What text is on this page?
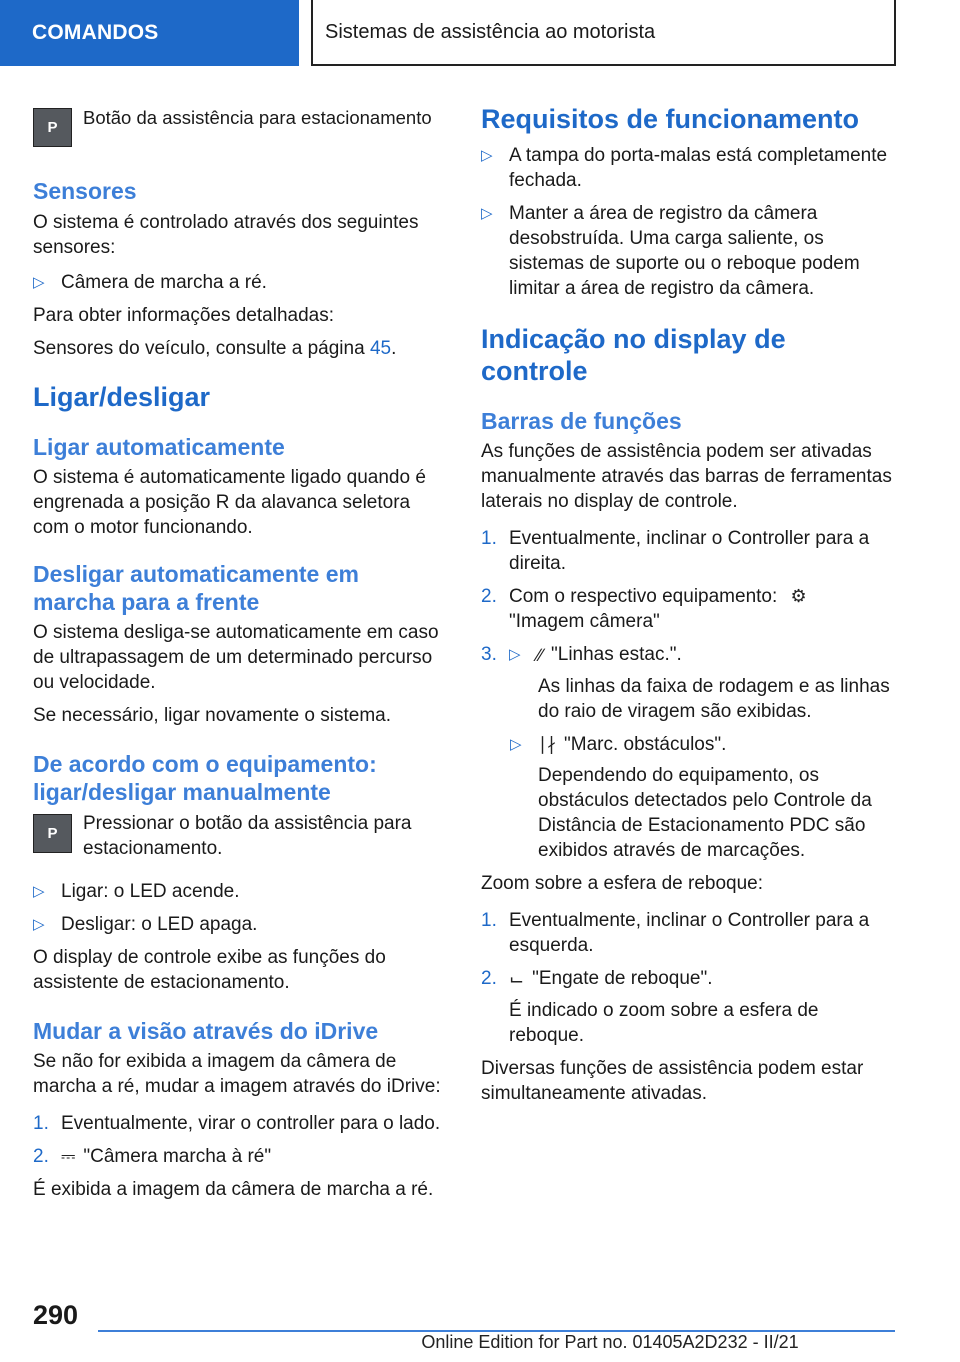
COMANDOS	Sistemas de assistência ao motorista
P Botão da assistência para estacionamento
Sensores
O sistema é controlado através dos seguintes sensores:
▷ Câmera de marcha a ré.
Para obter informações detalhadas:
Sensores do veículo, consulte a página 45.
Ligar/desligar
Ligar automaticamente
O sistema é automaticamente ligado quando é engrenada a posição R da alavanca seletora com o motor funcionando.
Desligar automaticamente em marcha para a frente
O sistema desliga-se automaticamente em caso de ultrapassagem de um determinado percurso ou velocidade.
Se necessário, ligar novamente o sistema.
De acordo com o equipamento: ligar/desligar manualmente
P Pressionar o botão da assistência para estacionamento.
▷ Ligar: o LED acende.
▷ Desligar: o LED apaga.
O display de controle exibe as funções do assistente de estacionamento.
Mudar a visão através do iDrive
Se não for exibida a imagem da câmera de marcha a ré, mudar a imagem através do iDrive:
1. Eventualmente, virar o controller para o lado.
2. ⎓ "Câmera marcha à ré"
É exibida a imagem da câmera de marcha a ré.
Requisitos de funcionamento
▷ A tampa do porta-malas está completamente fechada.
▷ Manter a área de registro da câmera desobstruída. Uma carga saliente, os sistemas de suporte ou o reboque podem limitar a área de registro da câmera.
Indicação no display de controle
Barras de funções
As funções de assistência podem ser ativadas manualmente através das barras de ferramentas laterais no display de controle.
1. Eventualmente, inclinar o Controller para a direita.
2. Com o respectivo equipamento: ⚙
"Imagem câmera"
3. ▷ ∕∕ "Linhas estac.".
As linhas da faixa de rodagem e as linhas do raio de viragem são exibidas.
▷ ∣∤ "Marc. obstáculos".
Dependendo do equipamento, os obstáculos detectados pelo Controle da Distância de Estacionamento PDC são exibidos através de marcações.
Zoom sobre a esfera de reboque:
1. Eventualmente, inclinar o Controller para a esquerda.
2. ⌙ "Engate de reboque".
É indicado o zoom sobre a esfera de reboque.
Diversas funções de assistência podem estar simultaneamente ativadas.
290
Online Edition for Part no. 01405A2D232 - II/21
